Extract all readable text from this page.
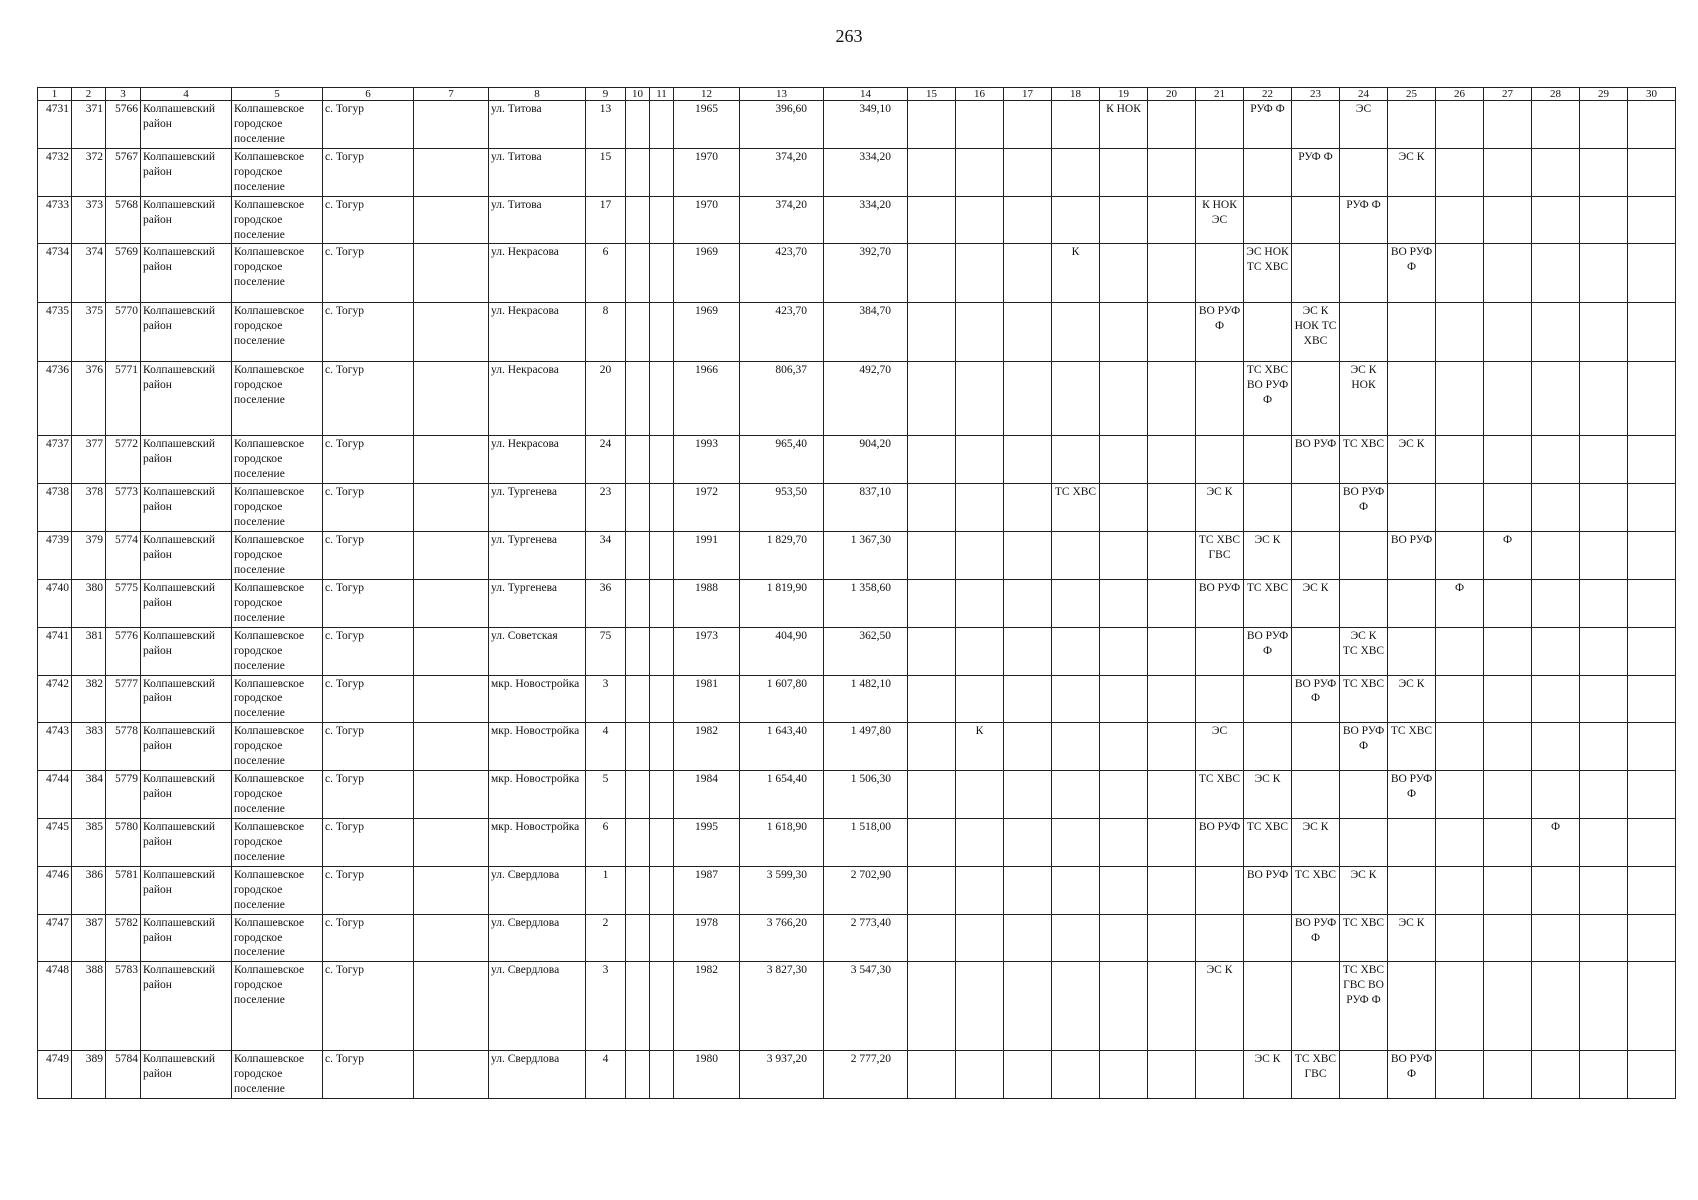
263
1	2	3	4	5	6	7	8	9	10	11	12	13	14	15	16	17	18	19	20	21	22	23	24	25	26	27	28	29	30
4731	371	5766	Колпашевский район	Колпашевское городское поселение	с. Тогур		ул. Титова	13			1965	396,60	349,10					К НОК			РУФ Ф		ЭС						
4732	372	5767	Колпашевский район	Колпашевское городское поселение	с. Тогур		ул. Титова	15			1970	374,20	334,20									РУФ Ф		ЭС К					
4733	373	5768	Колпашевский район	Колпашевское городское поселение	с. Тогур		ул. Титова	17			1970	374,20	334,20							К НОК ЭС			РУФ Ф						
4734	374	5769	Колпашевский район	Колпашевское городское поселение	с. Тогур		ул. Некрасова	6			1969	423,70	392,70				К				ЭС НОК ТС ХВС			ВО РУФ Ф					
4735	375	5770	Колпашевский район	Колпашевское городское поселение	с. Тогур		ул. Некрасова	8			1969	423,70	384,70							ВО РУФ Ф		ЭС К НОК ТС ХВС							
4736	376	5771	Колпашевский район	Колпашевское городское поселение	с. Тогур		ул. Некрасова	20			1966	806,37	492,70								ТС ХВС ВО РУФ Ф		ЭС К НОК						
4737	377	5772	Колпашевский район	Колпашевское городское поселение	с. Тогур		ул. Некрасова	24			1993	965,40	904,20									ВО РУФ	ТС ХВС	ЭС К					
4738	378	5773	Колпашевский район	Колпашевское городское поселение	с. Тогур		ул. Тургенева	23			1972	953,50	837,10				ТС ХВС			ЭС К			ВО РУФ Ф						
4739	379	5774	Колпашевский район	Колпашевское городское поселение	с. Тогур		ул. Тургенева	34			1991	1 829,70	1 367,30							ТС ХВС ГВС	ЭС К			ВО РУФ		Ф			
4740	380	5775	Колпашевский район	Колпашевское городское поселение	с. Тогур		ул. Тургенева	36			1988	1 819,90	1 358,60							ВО РУФ	ТС ХВС	ЭС К			Ф				
4741	381	5776	Колпашевский район	Колпашевское городское поселение	с. Тогур		ул. Советская	75			1973	404,90	362,50								ВО РУФ Ф		ЭС К ТС ХВС						
4742	382	5777	Колпашевский район	Колпашевское городское поселение	с. Тогур		мкр. Новостройка	3			1981	1 607,80	1 482,10									ВО РУФ Ф	ТС ХВС	ЭС К					
4743	383	5778	Колпашевский район	Колпашевское городское поселение	с. Тогур		мкр. Новостройка	4			1982	1 643,40	1 497,80		К					ЭС			ВО РУФ Ф	ТС ХВС					
4744	384	5779	Колпашевский район	Колпашевское городское поселение	с. Тогур		мкр. Новостройка	5			1984	1 654,40	1 506,30							ТС ХВС	ЭС К			ВО РУФ Ф					
4745	385	5780	Колпашевский район	Колпашевское городское поселение	с. Тогур		мкр. Новостройка	6			1995	1 618,90	1 518,00							ВО РУФ	ТС ХВС	ЭС К					Ф		
4746	386	5781	Колпашевский район	Колпашевское городское поселение	с. Тогур		ул. Свердлова	1			1987	3 599,30	2 702,90								ВО РУФ	ТС ХВС	ЭС К						
4747	387	5782	Колпашевский район	Колпашевское городское поселение	с. Тогур		ул. Свердлова	2			1978	3 766,20	2 773,40									ВО РУФ Ф	ТС ХВС	ЭС К					
4748	388	5783	Колпашевский район	Колпашевское городское поселение	с. Тогур		ул. Свердлова	3			1982	3 827,30	3 547,30							ЭС К			ТС ХВС ГВС ВО РУФ Ф						
4749	389	5784	Колпашевский район	Колпашевское городское поселение	с. Тогур		ул. Свердлова	4			1980	3 937,20	2 777,20								ЭС К	ТС ХВС ГВС		ВО РУФ Ф					
